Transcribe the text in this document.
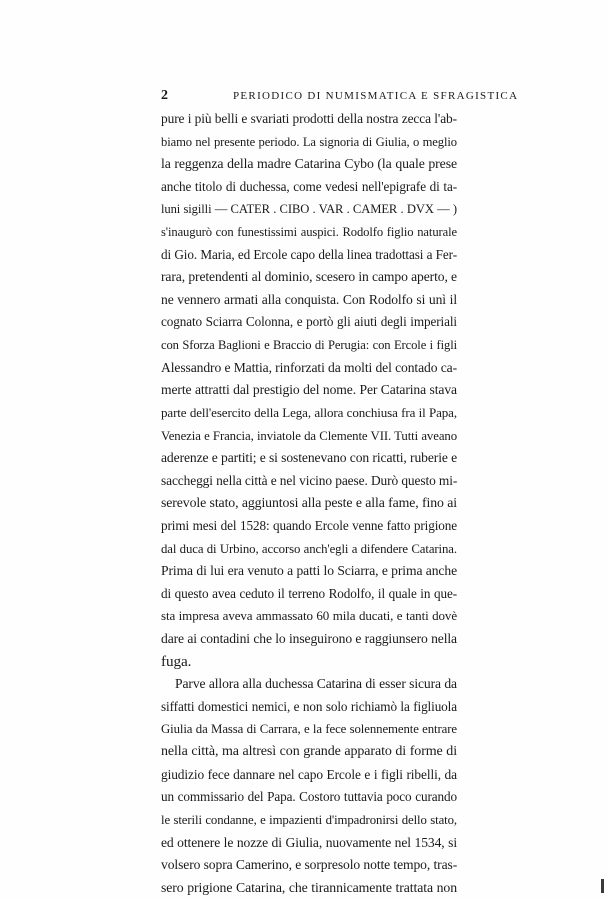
2	PERIODICO DI NUMISMATICA E SFRAGISTICA
pure i più belli e svariati prodotti della nostra zecca l'ab-
biamo nel presente periodo. La signoria di Giulia, o meglio
la reggenza della madre Catarina Cybo (la quale prese
anche titolo di duchessa, come vedesi nell'epigrafe di ta-
luni sigilli — CATER . CIBO . VAR . CAMER . DVX — )
s'inaugurò con funestissimi auspici. Rodolfo figlio naturale
di Gio. Maria, ed Ercole capo della linea tradottasi a Fer-
rara, pretendenti al dominio, scesero in campo aperto, e
ne vennero armati alla conquista. Con Rodolfo si unì il
cognato Sciarra Colonna, e portò gli aiuti degli imperiali
con Sforza Baglioni e Braccio di Perugia: con Ercole i figli
Alessandro e Mattia, rinforzati da molti del contado ca-
merte attratti dal prestigio del nome. Per Catarina stava
parte dell'esercito della Lega, allora conchiusa fra il Papa,
Venezia e Francia, inviatole da Clemente VII. Tutti aveano
aderenze e partiti; e si sostenevano con ricatti, ruberie e
saccheggi nella città e nel vicino paese. Durò questo mi-
serevole stato, aggiuntosi alla peste e alla fame, fino ai
primi mesi del 1528: quando Ercole venne fatto prigione
dal duca di Urbino, accorso anch'egli a difendere Catarina.
Prima di lui era venuto a patti lo Sciarra, e prima anche
di questo avea ceduto il terreno Rodolfo, il quale in que-
sta impresa aveva ammassato 60 mila ducati, e tanti dovè
dare ai contadini che lo inseguirono e raggiunsero nella
fuga.
Parve allora alla duchessa Catarina di esser sicura da
siffatti domestici nemici, e non solo richiamò la figliuola
Giulia da Massa di Carrara, e la fece solennemente entrare
nella città, ma altresì con grande apparato di forme di
giudizio fece dannare nel capo Ercole e i figli ribelli, da
un commissario del Papa. Costoro tuttavia poco curando
le sterili condanne, e impazienti d'impadronirsi dello stato,
ed ottenere le nozze di Giulia, nuovamente nel 1534, si
volsero sopra Camerino, e sorpresolo notte tempo, tras-
sero prigione Catarina, che tirannicamente trattata non
